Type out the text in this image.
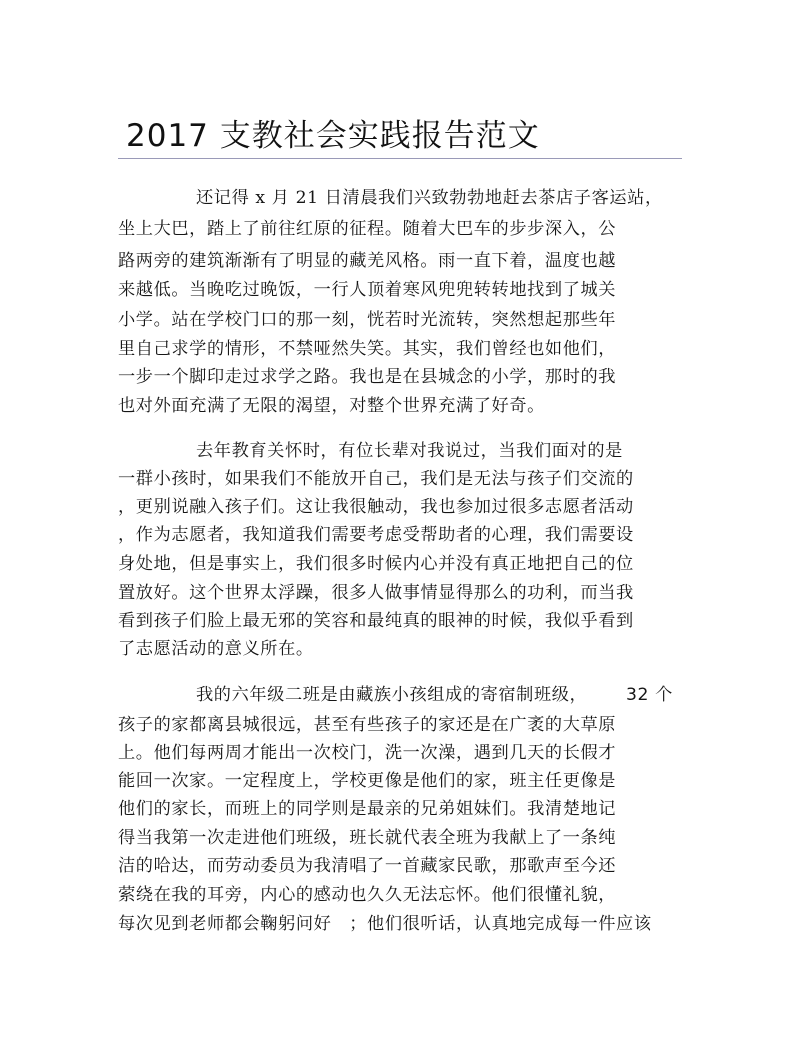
2017 支教社会实践报告范文
还记得 x 月 21 日清晨我们兴致勃勃地赶去茶店子客运站，
坐上大巴，踏上了前往红原的征程。随着大巴车的步步深入，公
路两旁的建筑渐渐有了明显的藏羌风格。雨一直下着，温度也越
来越低。当晚吃过晚饭，一行人顶着寒风兜兜转转地找到了城关
小学。站在学校门口的那一刻，恍若时光流转，突然想起那些年
里自己求学的情形，不禁哑然失笑。其实，我们曾经也如他们，
一步一个脚印走过求学之路。我也是在县城念的小学，那时的我
也对外面充满了无限的渴望，对整个世界充满了好奇。
去年教育关怀时，有位长辈对我说过，当我们面对的是
一群小孩时，如果我们不能放开自己，我们是无法与孩子们交流的
，更别说融入孩子们。这让我很触动，我也参加过很多志愿者活动
，作为志愿者，我知道我们需要考虑受帮助者的心理，我们需要设
身处地，但是事实上，我们很多时候内心并没有真正地把自己的位
置放好。这个世界太浮躁，很多人做事情显得那么的功利，而当我
看到孩子们脸上最无邪的笑容和最纯真的眼神的时候，我似乎看到
了志愿活动的意义所在。
我的六年级二班是由藏族小孩组成的寄宿制班级， 32 个
孩子的家都离县城很远，甚至有些孩子的家还是在广袤的大草原
上。他们每两周才能出一次校门，洗一次澡，遇到几天的长假才
能回一次家。一定程度上，学校更像是他们的家，班主任更像是
他们的家长，而班上的同学则是最亲的兄弟姐妹们。我清楚地记
得当我第一次走进他们班级，班长就代表全班为我献上了一条纯
洁的哈达，而劳动委员为我清唱了一首藏家民歌，那歌声至今还
萦绕在我的耳旁，内心的感动也久久无法忘怀。他们很懂礼貌，
每次见到老师都会鞠躬问好　；他们很听话，认真地完成每一件应该
